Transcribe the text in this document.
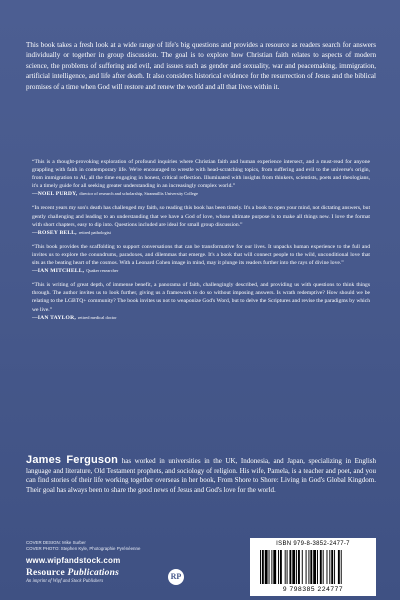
This book takes a fresh look at a wide range of life's big questions and provides a resource as readers search for answers individually or together in group discussion. The goal is to explore how Christian faith relates to aspects of modern science, the problems of suffering and evil, and issues such as gender and sexuality, war and peacemaking, immigration, artificial intelligence, and life after death. It also considers historical evidence for the resurrection of Jesus and the biblical promises of a time when God will restore and renew the world and all that lives within it.

“This is a thought-provoking exploration of profound inquiries where Christian faith and human experience intersect, and a must-read for anyone grappling with faith in contemporary life. We're encouraged to wrestle with head-scratching topics, from suffering and evil to the universe's origin, from immigration to AI, all the time engaging in honest, critical reflection. Illuminated with insights from thinkers, scientists, poets and theologians, it's a timely guide for all seeking greater understanding in an increasingly complex world.”

—NOEL PURDY, director of research and scholarship, Stranmillis University College

“In recent years my son's death has challenged my faith, so reading this book has been timely. It's a book to open your mind, not dictating answers, but gently challenging and leading to an understanding that we have a God of love, whose ultimate purpose is to make all things new. I love the format with short chapters, easy to dip into. Questions included are ideal for small group discussion.”

—ROSEY BELL, retired pathologist

“This book provides the scaffolding to support conversations that can be transformative for our lives. It unpacks human experience to the full and invites us to explore the conundrums, paradoxes, and dilemmas that emerge. It's a book that will connect people to the wild, unconditional love that sits as the beating heart of the cosmos. With a Leonard Cohen image in mind, may it plunge its readers further into the rays of divine love.”

—IAN MITCHELL, Quaker researcher

“This is writing of great depth, of immense benefit, a panorama of faith, challengingly described, and providing us with questions to think things through. The author invites us to look further, giving us a framework to do so without imposing answers. Is wrath redemptive? How should we be relating to the LGBTQ+ community? The book invites us not to weaponize God's Word, but to delve the Scriptures and revise the paradigms by which we live.”

—IAN TAYLOR, retired medical doctor

James Ferguson has worked in universities in the UK, Indonesia, and Japan, specializing in English language and literature, Old Testament prophets, and sociology of religion. His wife, Pamela, is a teacher and poet, and you can find stories of their life working together overseas in her book, From Shore to Shore: Living in God's Global Kingdom. Their goal has always been to share the good news of Jesus and God's love for the world.

COVER DESIGN: Mike Surber
COVER PHOTO: Stephen Kyle, Photographie Pyrénéenne
www.wipfandstock.com
Resource Publications
An imprint of Wipf and Stock Publishers
RP
ISBN 979-8-3852-2477-7
9 798385 224777
